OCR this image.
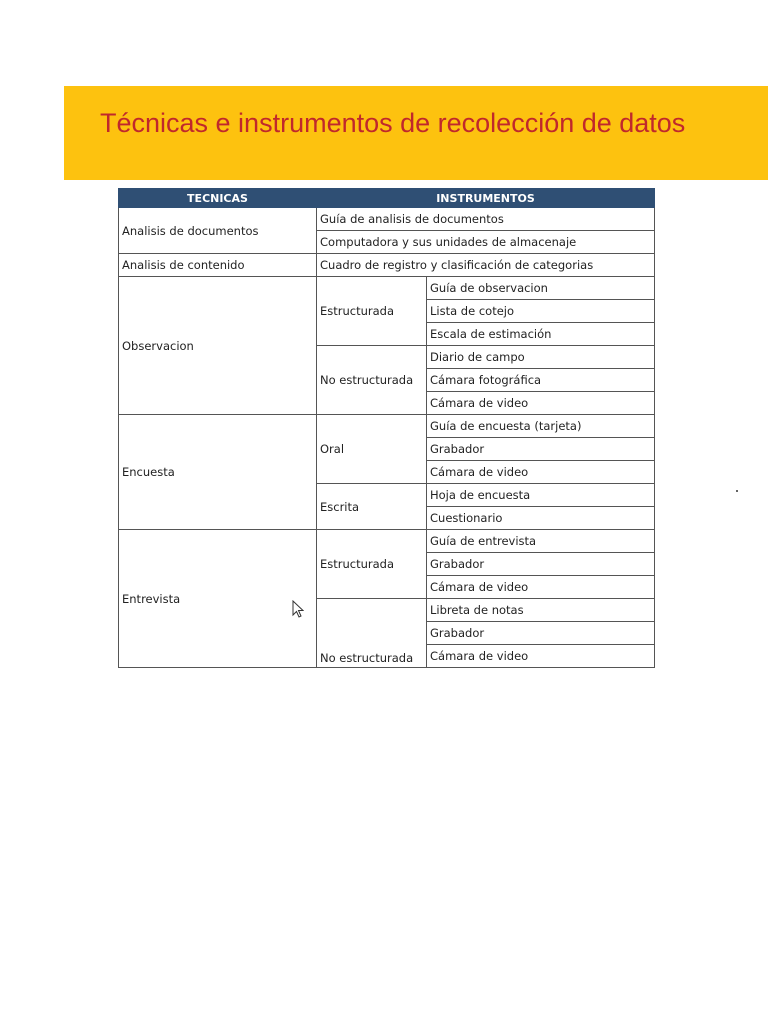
Técnicas e instrumentos de recolección de datos
TECNICAS	INSTRUMENTOS	
Analisis de documentos	Guía de analisis de documentos	
	Computadora y sus unidades de almacenaje	
Analisis de contenido	Cuadro de registro y clasificación de categorias	
Observacion	Estructurada	Guía de observacion
		Lista de cotejo
		Escala de estimación
	No estructurada	Diario de campo
		Cámara fotográfica
		Cámara de video
Encuesta	Oral	Guía de encuesta (tarjeta)
		Grabador
		Cámara de video
	Escrita	Hoja de encuesta
		Cuestionario
Entrevista	Estructurada	Guía de entrevista
		Grabador
		Cámara de video
	No estructurada	Libreta de notas
		Grabador
		Cámara de video
